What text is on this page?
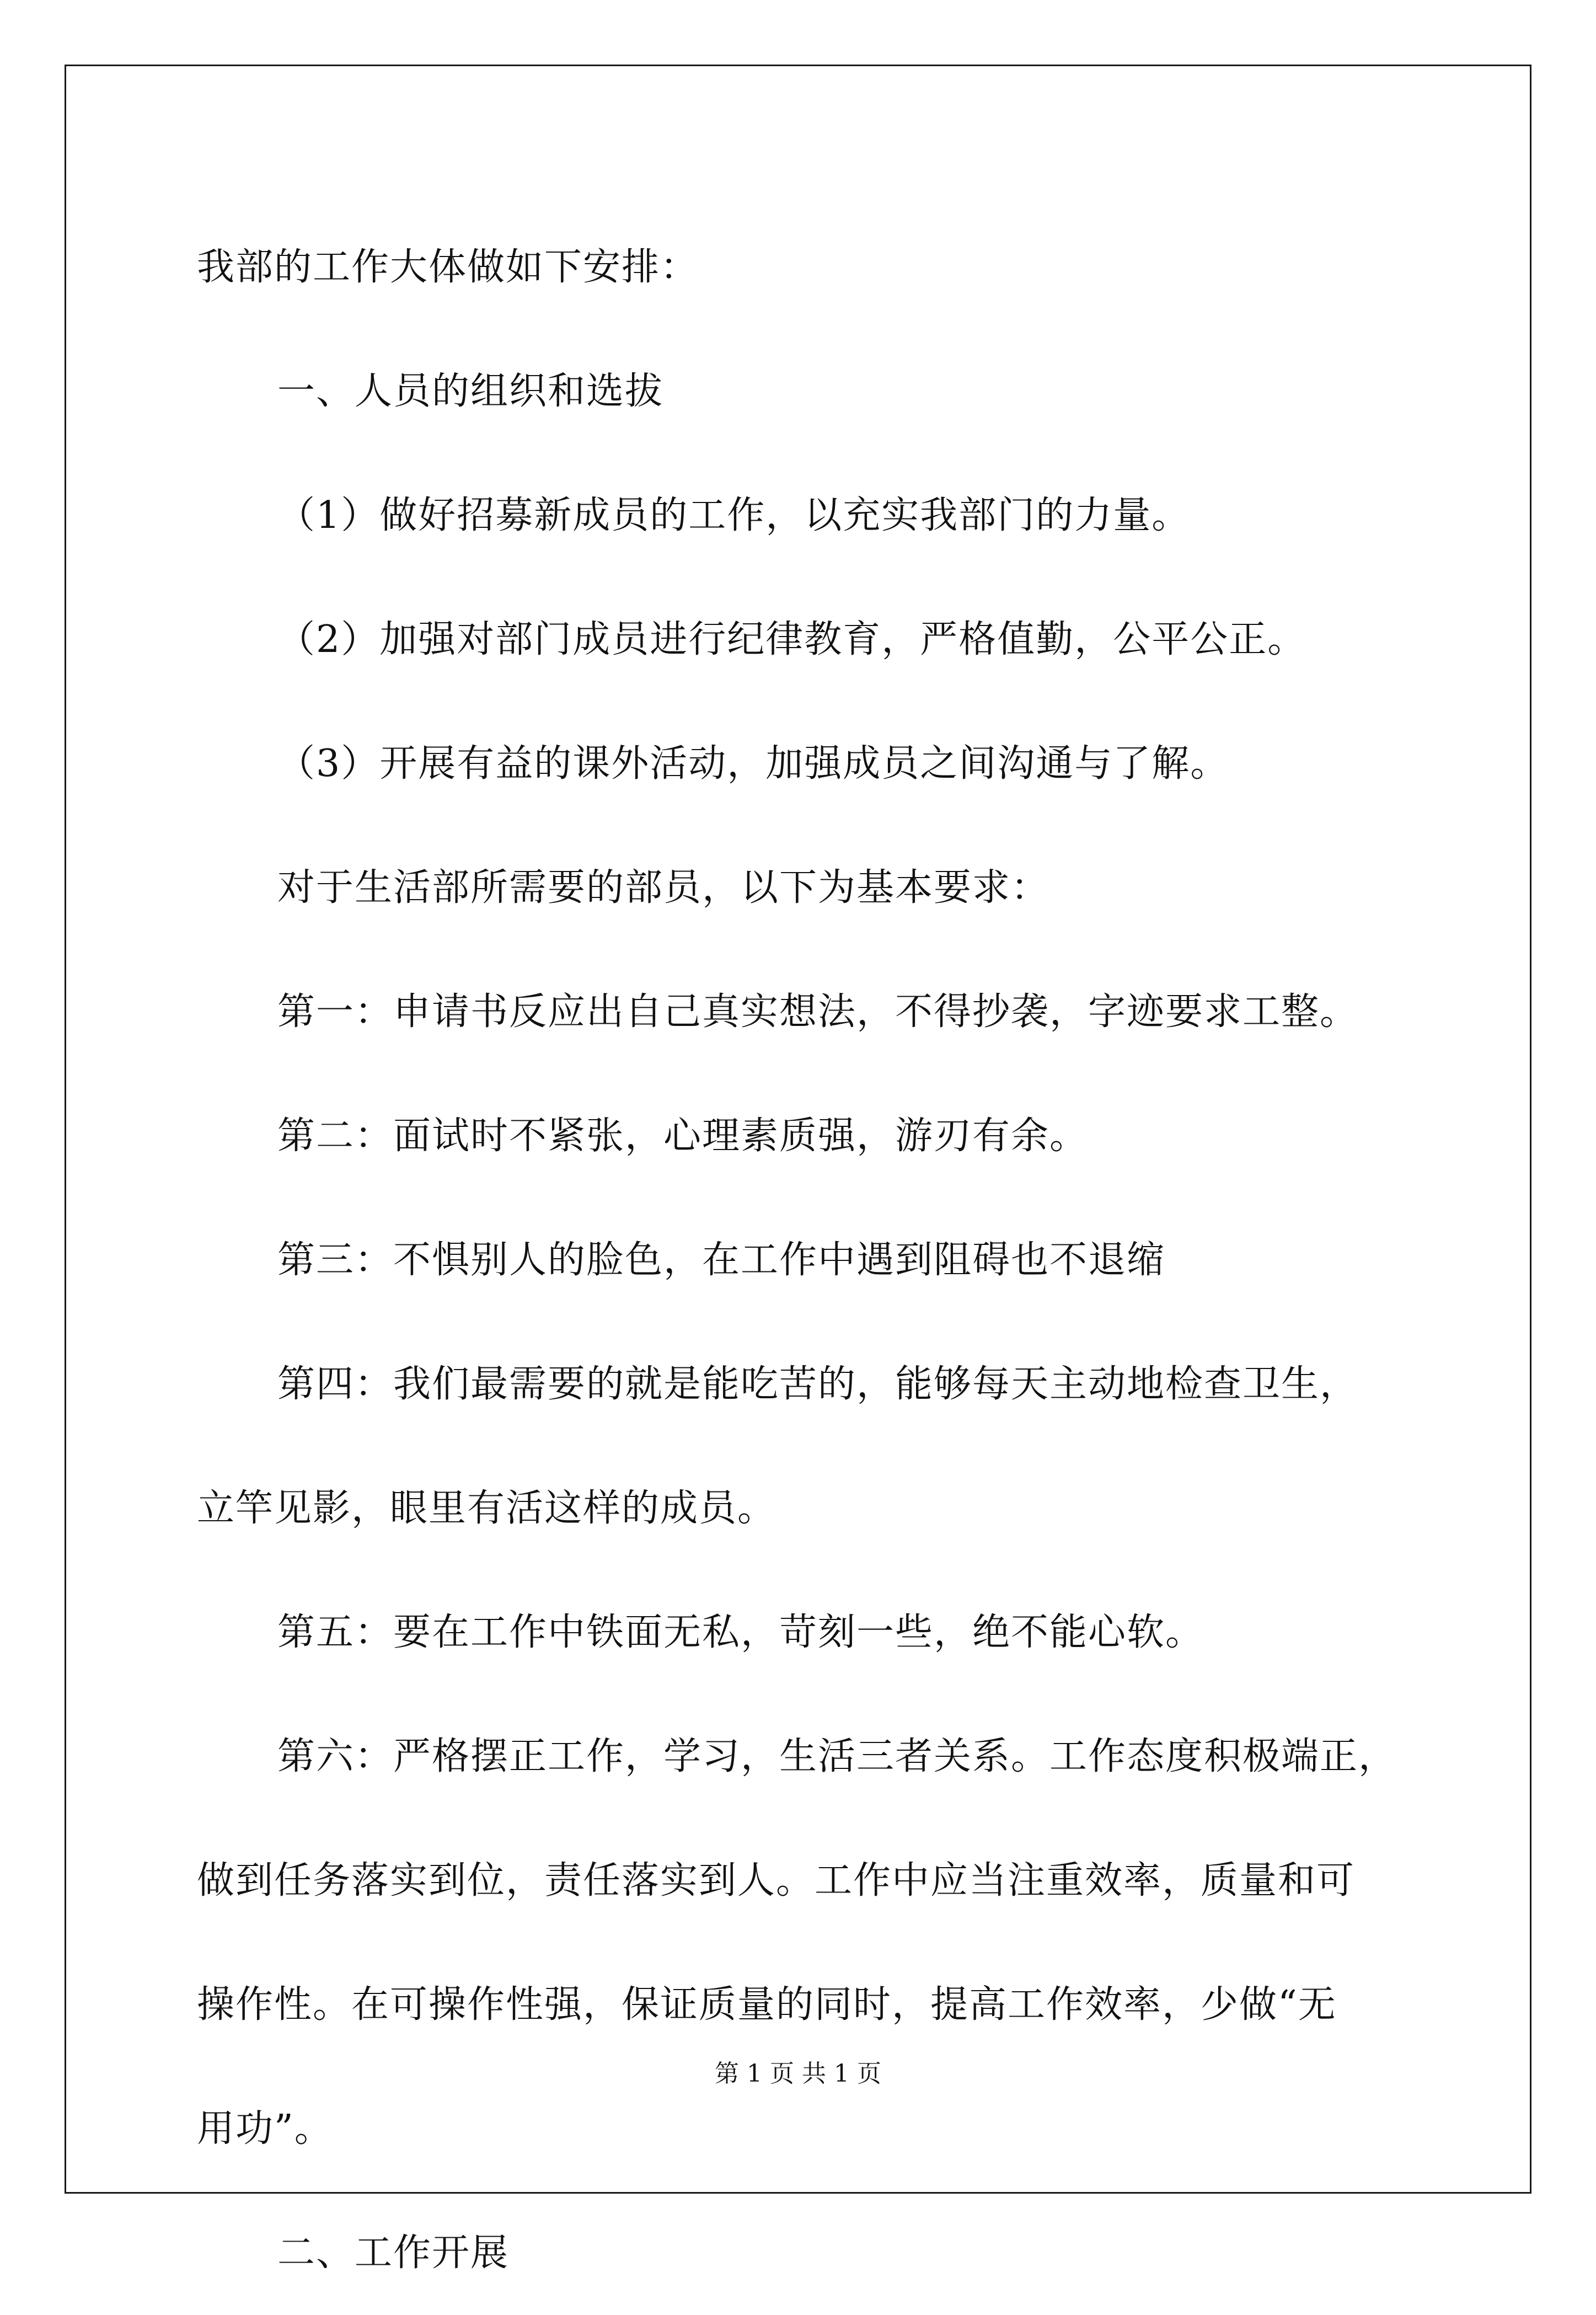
我部的工作大体做如下安排：

一、人员的组织和选拔

（1）做好招募新成员的工作，以充实我部门的力量。

（2）加强对部门成员进行纪律教育，严格值勤，公平公正。

（3）开展有益的课外活动，加强成员之间沟通与了解。

对于生活部所需要的部员，以下为基本要求：

第一：申请书反应出自己真实想法，不得抄袭，字迹要求工整。

第二：面试时不紧张，心理素质强，游刃有余。

第三：不惧别人的脸色，在工作中遇到阻碍也不退缩

第四：我们最需要的就是能吃苦的，能够每天主动地检查卫生，

立竿见影，眼里有活这样的成员。

第五：要在工作中铁面无私，苛刻一些，绝不能心软。

第六：严格摆正工作，学习，生活三者关系。工作态度积极端正，

做到任务落实到位，责任落实到人。工作中应当注重效率，质量和可

操作性。在可操作性强，保证质量的同时，提高工作效率，少做“无

用功”。

二、工作开展

第 1 页 共 1 页
